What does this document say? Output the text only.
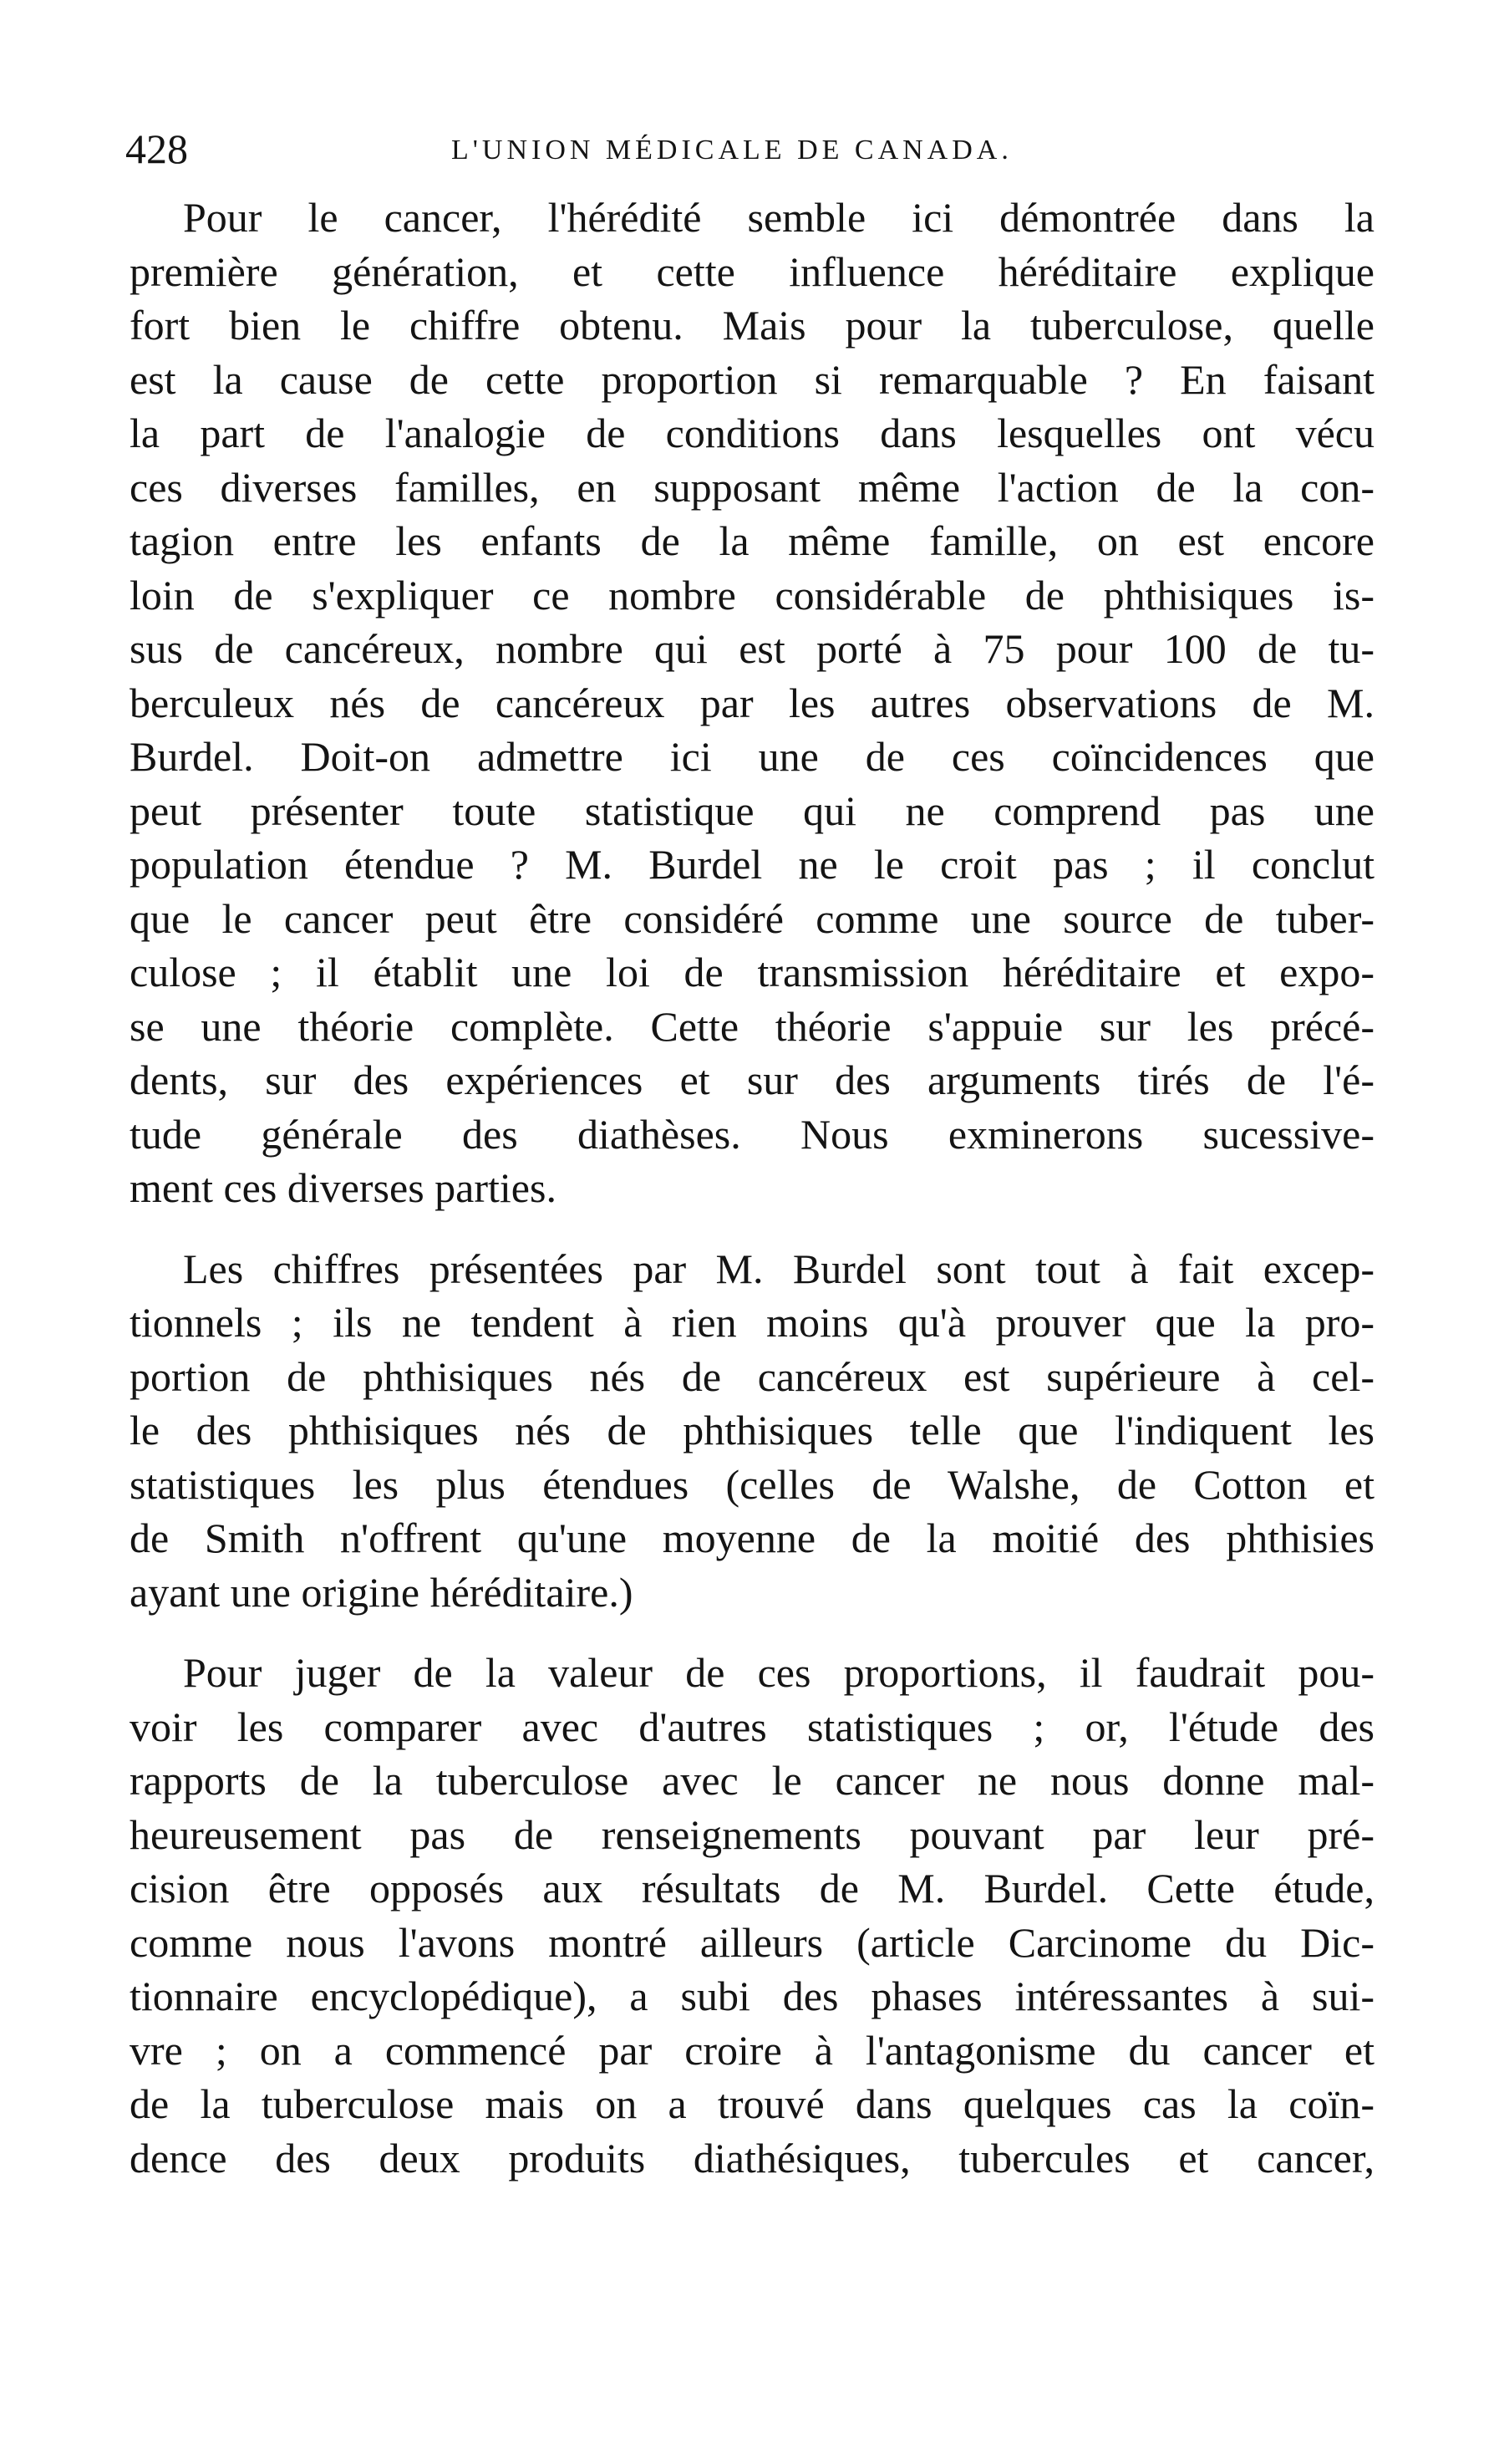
428	L'UNION MÉDICALE DE CANADA.

Pour le cancer, l'hérédité semble ici démontrée dans la
première génération, et cette influence héréditaire explique
fort bien le chiffre obtenu. Mais pour la tuberculose, quelle
est la cause de cette proportion si remarquable ? En faisant
la part de l'analogie de conditions dans lesquelles ont vécu
ces diverses familles, en supposant même l'action de la con-
tagion entre les enfants de la même famille, on est encore
loin de s'expliquer ce nombre considérable de phthisiques is-
sus de cancéreux, nombre qui est porté à 75 pour 100 de tu-
berculeux nés de cancéreux par les autres observations de M.
Burdel. Doit-on admettre ici une de ces coïncidences que
peut présenter toute statistique qui ne comprend pas une
population étendue ? M. Burdel ne le croit pas ; il conclut
que le cancer peut être considéré comme une source de tuber-
culose ; il établit une loi de transmission héréditaire et expo-
se une théorie complète. Cette théorie s'appuie sur les précé-
dents, sur des expériences et sur des arguments tirés de l'é-
tude générale des diathèses. Nous exminerons sucessive-
ment ces diverses parties.

Les chiffres présentées par M. Burdel sont tout à fait excep-
tionnels ; ils ne tendent à rien moins qu'à prouver que la pro-
portion de phthisiques nés de cancéreux est supérieure à cel-
le des phthisiques nés de phthisiques telle que l'indiquent les
statistiques les plus étendues (celles de Walshe, de Cotton et
de Smith n'offrent qu'une moyenne de la moitié des phthisies
ayant une origine héréditaire.)

Pour juger de la valeur de ces proportions, il faudrait pou-
voir les comparer avec d'autres statistiques ; or, l'étude des
rapports de la tuberculose avec le cancer ne nous donne mal-
heureusement pas de renseignements pouvant par leur pré-
cision être opposés aux résultats de M. Burdel. Cette étude,
comme nous l'avons montré ailleurs (article Carcinome du Dic-
tionnaire encyclopédique), a subi des phases intéressantes à sui-
vre ; on a commencé par croire à l'antagonisme du cancer et
de la tuberculose mais on a trouvé dans quelques cas la coïn-
dence des deux produits diathésiques, tubercules et cancer,
